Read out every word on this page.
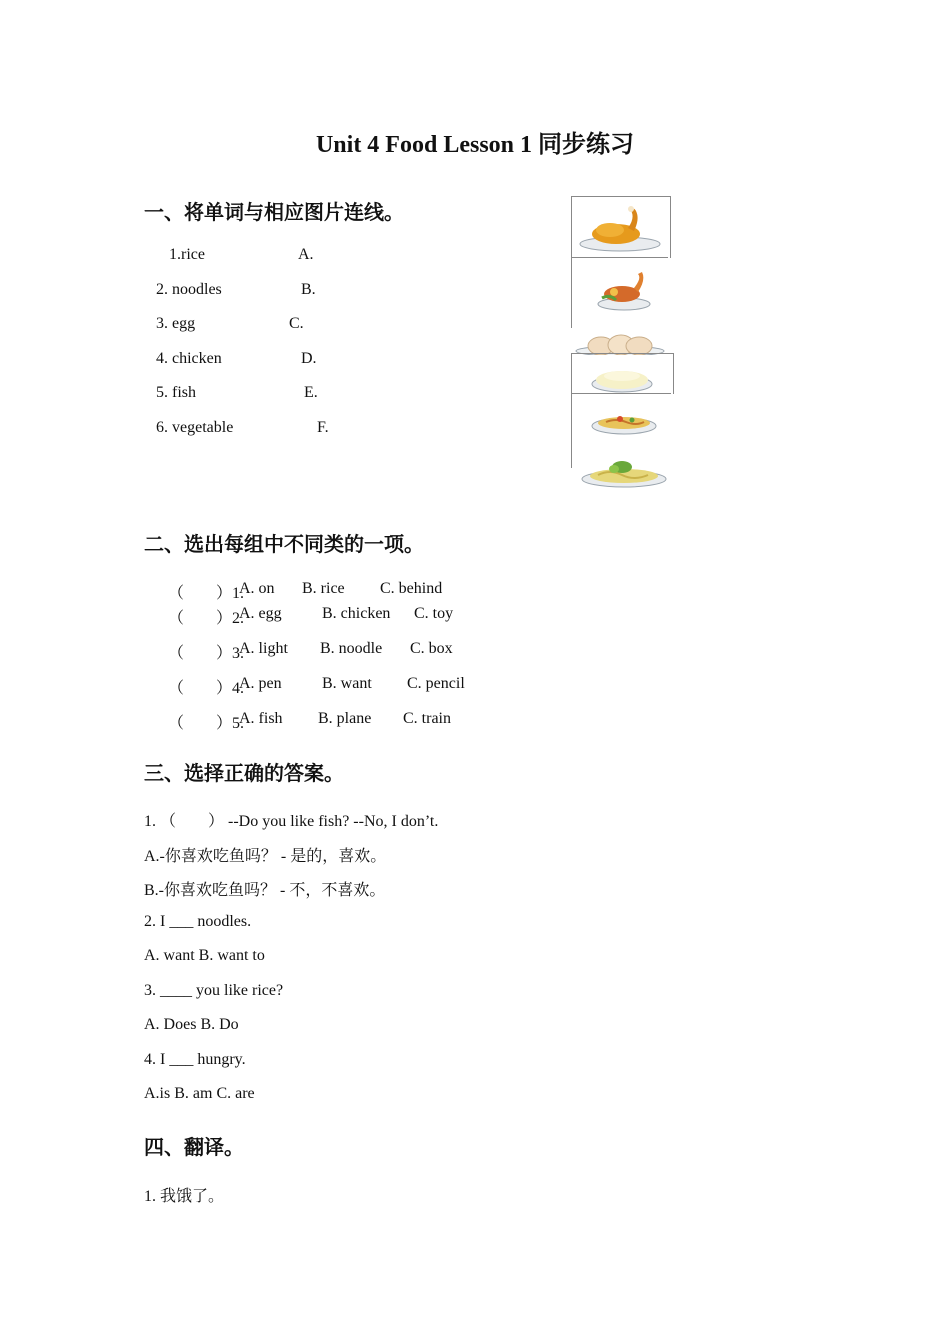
Unit 4 Food Lesson 1 同步练习
一、将单词与相应图片连线。
1.rice	A.
2. noodles	B.
3. egg	C.
4. chicken	D.
5. fish	E.
6. vegetable	F.
二、选出每组中不同类的一项。
（　　）1.
A. on B. rice C. behind
（　　）2.
A. egg	B. chicken C. toy
（　　）3.
A. light B. noodle C. box
（　　）4.
A. pen	B. want C. pencil
（　　）5.
A. fish B. plane C. train
三、选择正确的答案。
1. （　　） --Do you like fish? --No, I don’t.
A.-你喜欢吃鱼吗？ - 是的，喜欢。
B.-你喜欢吃鱼吗？ - 不，不喜欢。
2. I ___ noodles.
A. want B. want to
3. ____ you like rice?
A. Does B. Do
4. I ___ hungry.
A.is B. am C. are
四、翻译。
1. 我饿了。
